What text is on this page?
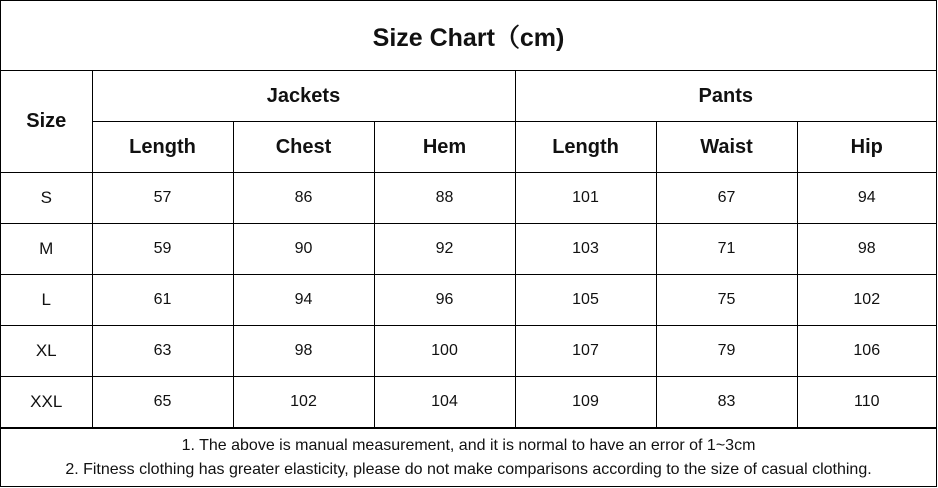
Size Chart（cm)
Size	Jackets			Pants		
	Length	Chest	Hem	Length	Waist	Hip
S	57	86	88	101	67	94
M	59	90	92	103	71	98
L	61	94	96	105	75	102
XL	63	98	100	107	79	106
XXL	65	102	104	109	83	110
1. The above is manual measurement, and it is normal to have an error of 1~3cm
2. Fitness clothing has greater elasticity, please do not make comparisons according to the size of casual clothing.
